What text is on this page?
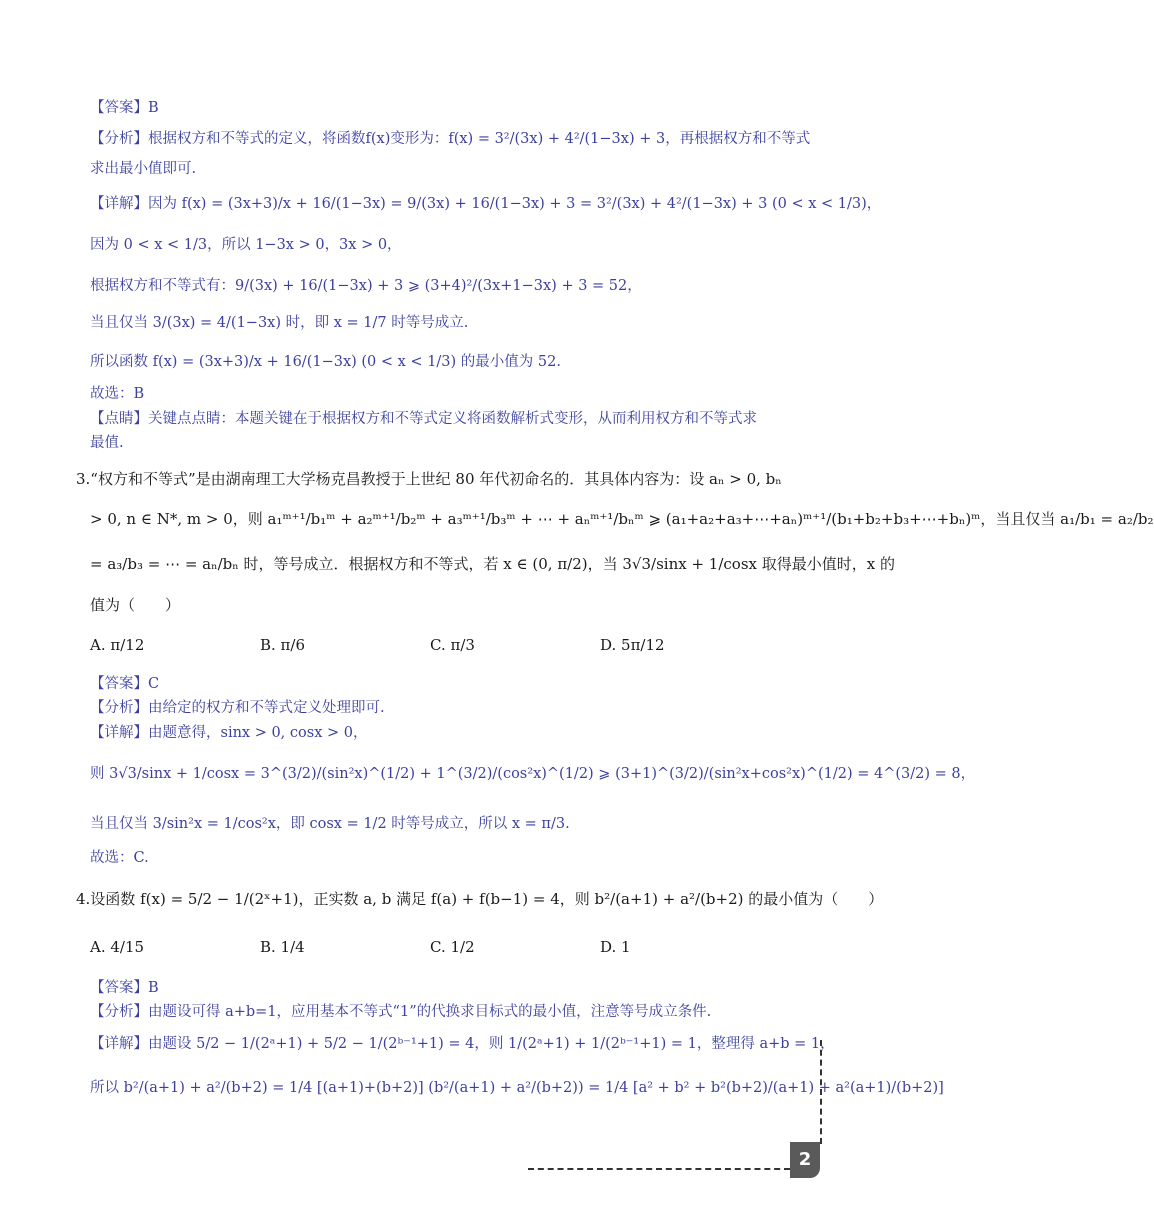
【答案】B
【分析】根据权方和不等式的定义，将函数f(x)变形为：f(x) = 3²/(3x) + 4²/(1−3x) + 3，再根据权方和不等式
求出最小值即可.
【详解】因为 f(x) = (3x+3)/x + 16/(1−3x) = 9/(3x) + 16/(1−3x) + 3 = 3²/(3x) + 4²/(1−3x) + 3 (0 < x < 1/3)，
因为 0 < x < 1/3，所以 1−3x > 0，3x > 0，
根据权方和不等式有：9/(3x) + 16/(1−3x) + 3 ⩾ (3+4)²/(3x+1−3x) + 3 = 52，
当且仅当 3/(3x) = 4/(1−3x) 时，即 x = 1/7 时等号成立.
所以函数 f(x) = (3x+3)/x + 16/(1−3x) (0 < x < 1/3) 的最小值为 52.
故选：B
【点睛】关键点点睛：本题关键在于根据权方和不等式定义将函数解析式变形，从而利用权方和不等式求
最值.
3.“权方和不等式”是由湖南理工大学杨克昌教授于上世纪 80 年代初命名的．其具体内容为：设 aₙ > 0, bₙ
> 0, n ∈ N*, m > 0，则 a₁ᵐ⁺¹/b₁ᵐ + a₂ᵐ⁺¹/b₂ᵐ + a₃ᵐ⁺¹/b₃ᵐ + ⋯ + aₙᵐ⁺¹/bₙᵐ ⩾ (a₁+a₂+a₃+⋯+aₙ)ᵐ⁺¹/(b₁+b₂+b₃+⋯+bₙ)ᵐ，当且仅当 a₁/b₁ = a₂/b₂
= a₃/b₃ = ⋯ = aₙ/bₙ 时，等号成立．根据权方和不等式，若 x ∈ (0, π/2)，当 3√3/sinx + 1/cosx 取得最小值时，x 的
值为（　　）
A. π/12	B. π/6	C. π/3	D. 5π/12
【答案】C
【分析】由给定的权方和不等式定义处理即可.
【详解】由题意得，sinx > 0, cosx > 0，
则 3√3/sinx + 1/cosx = 3^(3/2)/(sin²x)^(1/2) + 1^(3/2)/(cos²x)^(1/2) ⩾ (3+1)^(3/2)/(sin²x+cos²x)^(1/2) = 4^(3/2) = 8，
当且仅当 3/sin²x = 1/cos²x，即 cosx = 1/2 时等号成立，所以 x = π/3.
故选：C.
4.设函数 f(x) = 5/2 − 1/(2ˣ+1)，正实数 a, b 满足 f(a) + f(b−1) = 4，则 b²/(a+1) + a²/(b+2) 的最小值为（　　）
A. 4/15	B. 1/4	C. 1/2	D. 1
【答案】B
【分析】由题设可得 a+b=1，应用基本不等式“1”的代换求目标式的最小值，注意等号成立条件.
【详解】由题设 5/2 − 1/(2ᵃ+1) + 5/2 − 1/(2ᵇ⁻¹+1) = 4，则 1/(2ᵃ+1) + 1/(2ᵇ⁻¹+1) = 1，整理得 a+b = 1，
所以 b²/(a+1) + a²/(b+2) = 1/4 [(a+1)+(b+2)] (b²/(a+1) + a²/(b+2)) = 1/4 [a² + b² + b²(b+2)/(a+1) + a²(a+1)/(b+2)]
2
